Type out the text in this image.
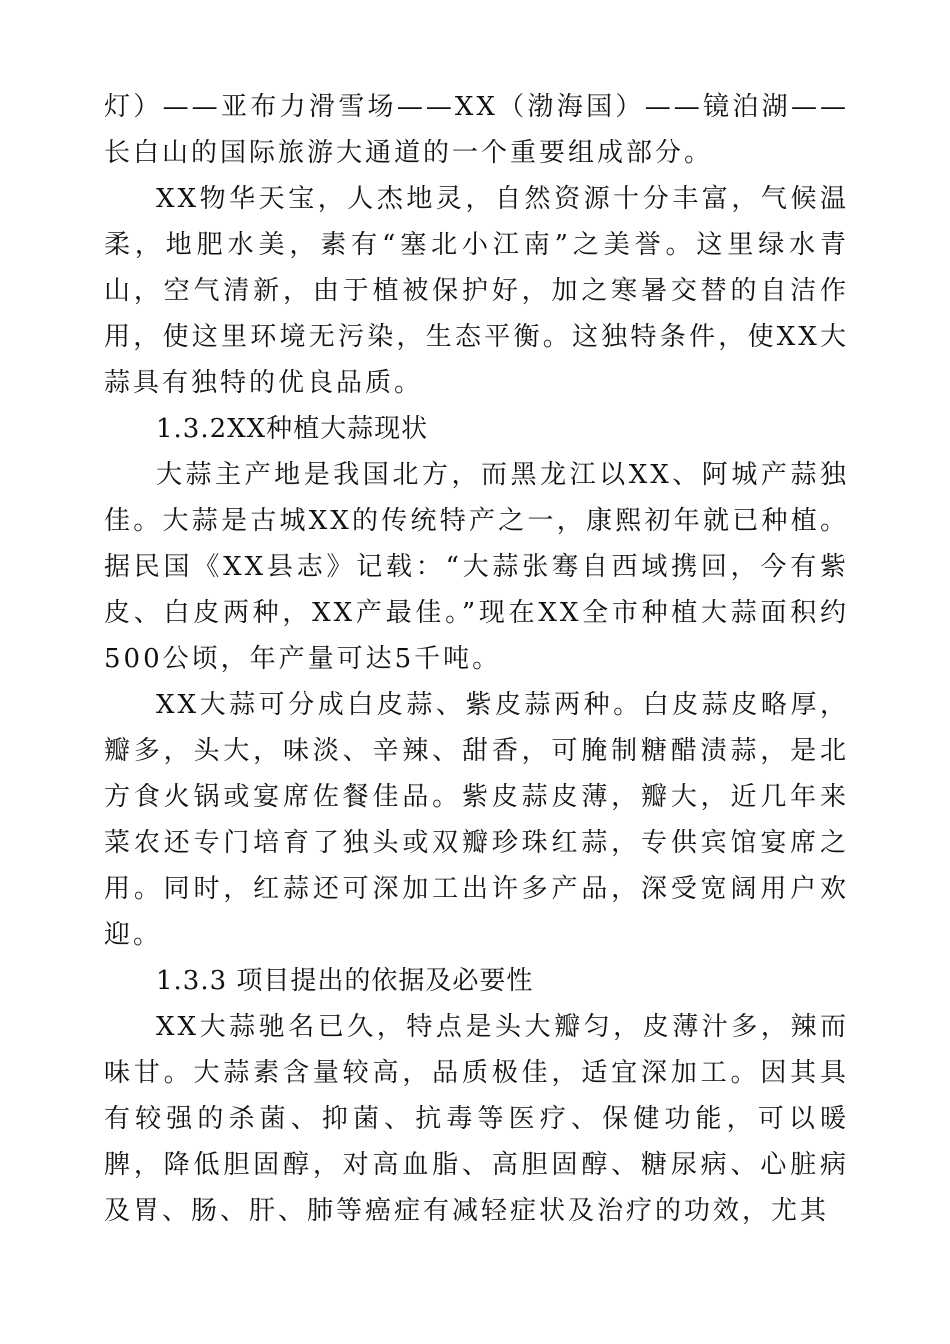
灯）——亚布力滑雪场——XX（渤海国）——镜泊湖——长白山的国际旅游大通道的一个重要组成部分。

XX物华天宝，人杰地灵，自然资源十分丰富，气候温柔，地肥水美，素有“塞北小江南”之美誉。这里绿水青山，空气清新，由于植被保护好，加之寒暑交替的自洁作用，使这里环境无污染，生态平衡。这独特条件，使XX大蒜具有独特的优良品质。

1.3.2XX种植大蒜现状

大蒜主产地是我国北方，而黑龙江以XX、阿城产蒜独佳。大蒜是古城XX的传统特产之一，康熙初年就已种植。据民国《XX县志》记载：“大蒜张骞自西域携回，今有紫皮、白皮两种，XX产最佳。”现在XX全市种植大蒜面积约500公顷，年产量可达5千吨。

XX大蒜可分成白皮蒜、紫皮蒜两种。白皮蒜皮略厚，瓣多，头大，味淡、辛辣、甜香，可腌制糖醋渍蒜，是北方食火锅或宴席佐餐佳品。紫皮蒜皮薄，瓣大，近几年来菜农还专门培育了独头或双瓣珍珠红蒜，专供宾馆宴席之用。同时，红蒜还可深加工出许多产品，深受宽阔用户欢迎。

1.3.3 项目提出的依据及必要性

XX大蒜驰名已久，特点是头大瓣匀，皮薄汁多，辣而味甘。大蒜素含量较高，品质极佳，适宜深加工。因其具有较强的杀菌、抑菌、抗毒等医疗、保健功能，可以暖脾，降低胆固醇，对高血脂、高胆固醇、糖尿病、心脏病及胃、肠、肝、肺等癌症有减轻症状及治疗的功效，尤其
